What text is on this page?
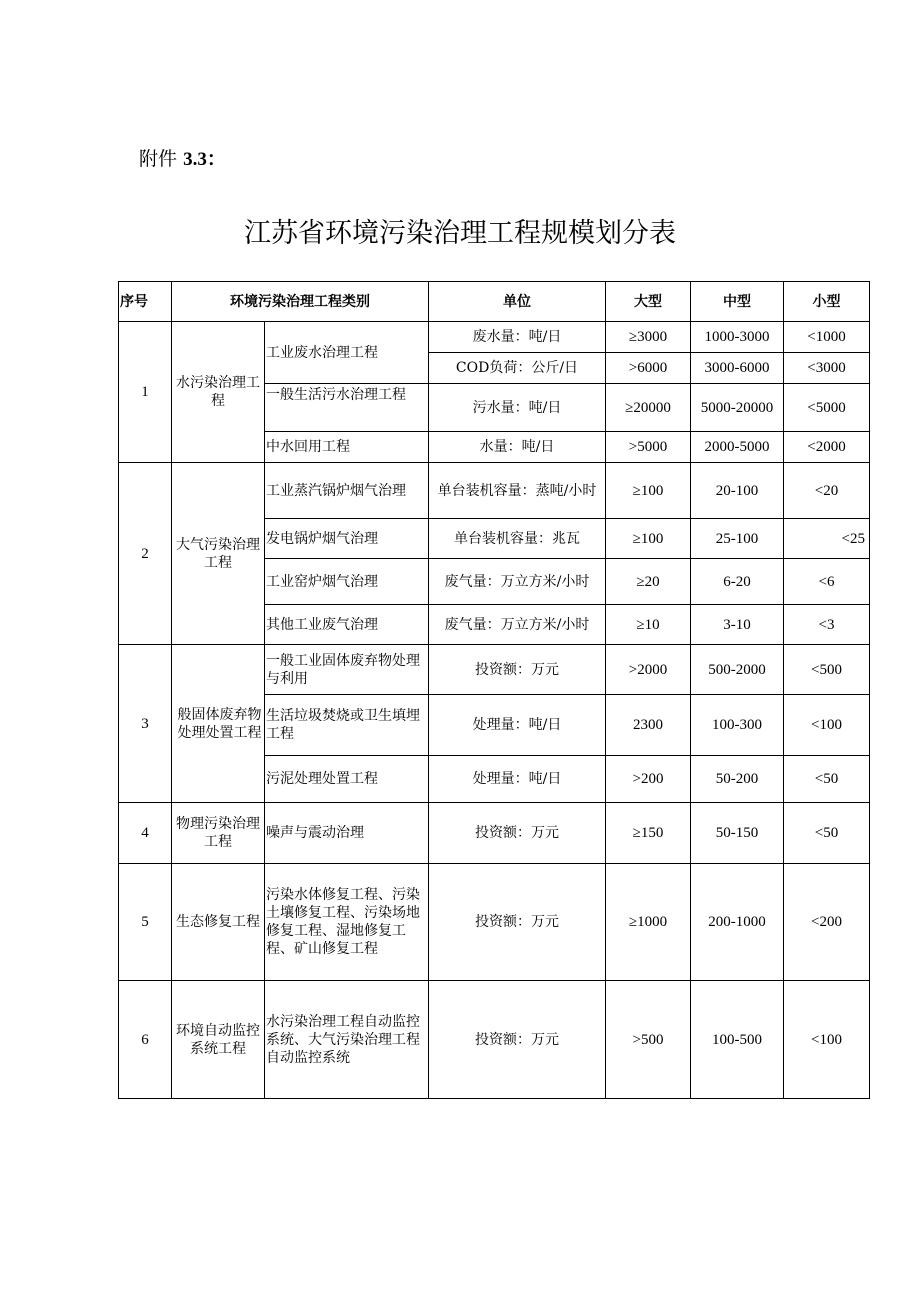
附件 3.3：
江苏省环境污染治理工程规模划分表
序号	环境污染治理工程类别		单位	大型	中型	小型
1	水污染治理工程	工业废水治理工程	废水量：吨/日	≥3000	1000-3000	<1000
			COD负荷：公斤/日	>6000	3000-6000	<3000
		一般生活污水治理工程	污水量：吨/日	≥20000	5000-20000	<5000
		中水回用工程	水量：吨/日	>5000	2000-5000	<2000
2	大气污染治理工程	工业蒸汽锅炉烟气治理	单台装机容量：蒸吨/小时	≥100	20-100	<20
		发电锅炉烟气治理	单台装机容量：兆瓦	≥100	25-100	<25
		工业窑炉烟气治理	废气量：万立方米/小时	≥20	6-20	<6
		其他工业废气治理	废气量：万立方米/小时	≥10	3-10	<3
3	般固体废弃物处理处置工程	一般工业固体废弃物处理与利用	投资额：万元	>2000	500-2000	<500
		生活垃圾焚烧或卫生填埋工程	处理量：吨/日	2300	100-300	<100
		污泥处理处置工程	处理量：吨/日	>200	50-200	<50
4	物理污染治理工程	噪声与震动治理	投资额：万元	≥150	50-150	<50
5	生态修复工程	污染水体修复工程、污染土壤修复工程、污染场地修复工程、湿地修复工程、矿山修复工程	投资额：万元	≥1000	200-1000	<200
6	环境自动监控系统工程	水污染治理工程自动监控系统、大气污染治理工程自动监控系统	投资额：万元	>500	100-500	<100
